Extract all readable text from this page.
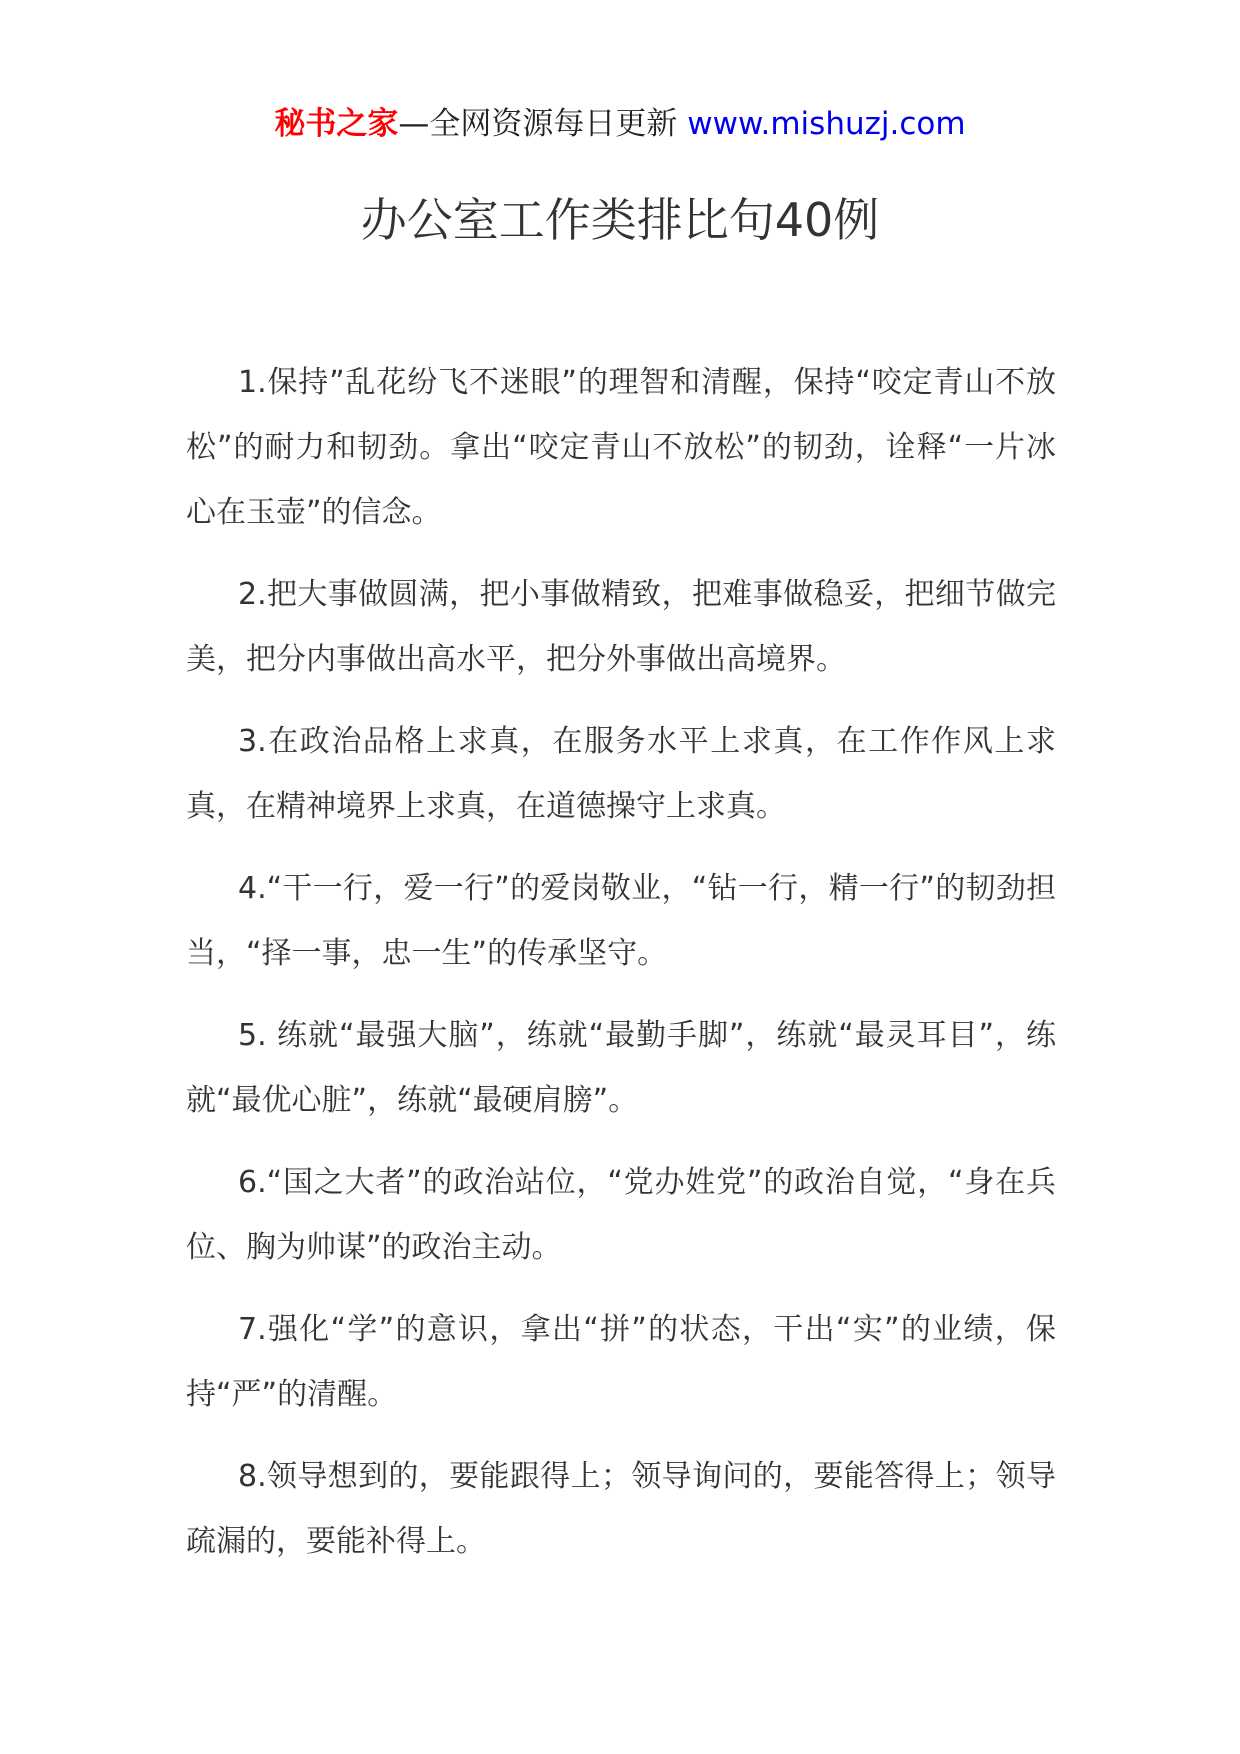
秘书之家—全网资源每日更新 www.mishuzj.com
办公室工作类排比句40例

1.保持”乱花纷飞不迷眼”的理智和清醒，保持“咬定青山不放松”的耐力和韧劲。拿出“咬定青山不放松”的韧劲，诠释“一片冰心在玉壶”的信念。

2.把大事做圆满，把小事做精致，把难事做稳妥，把细节做完美，把分内事做出高水平，把分外事做出高境界。

3.在政治品格上求真，在服务水平上求真，在工作作风上求真，在精神境界上求真，在道德操守上求真。

4.“干一行，爱一行”的爱岗敬业，“钻一行，精一行”的韧劲担当，“择一事，忠一生”的传承坚守。

5. 练就“最强大脑”，练就“最勤手脚”，练就“最灵耳目”，练就“最优心脏”，练就“最硬肩膀”。

6.“国之大者”的政治站位，“党办姓党”的政治自觉，“身在兵位、胸为帅谋”的政治主动。

7.强化“学”的意识，拿出“拼”的状态，干出“实”的业绩，保持“严”的清醒。

8.领导想到的，要能跟得上；领导询问的，要能答得上；领导疏漏的，要能补得上。
